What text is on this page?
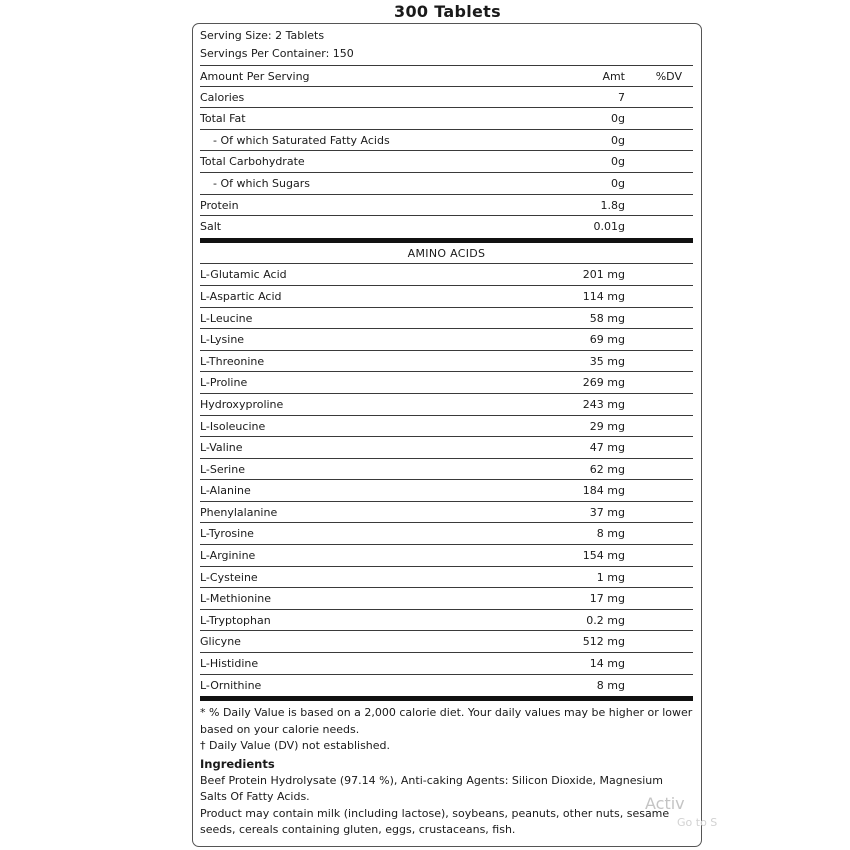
300 Tablets
Serving Size: 2 Tablets
Servings Per Container: 150
Amount Per Serving	Amt	%DV
Calories	7
Total Fat	0g
- Of which Saturated Fatty Acids	0g
Total Carbohydrate	0g
- Of which Sugars	0g
Protein	1.8g
Salt	0.01g
AMINO ACIDS
L-Glutamic Acid	201 mg
L-Aspartic Acid	114 mg
L-Leucine	58 mg
L-Lysine	69 mg
L-Threonine	35 mg
L-Proline	269 mg
Hydroxyproline	243 mg
L-Isoleucine	29 mg
L-Valine	47 mg
L-Serine	62 mg
L-Alanine	184 mg
Phenylalanine	37 mg
L-Tyrosine	8 mg
L-Arginine	154 mg
L-Cysteine	1 mg
L-Methionine	17 mg
L-Tryptophan	0.2 mg
Glicyne	512 mg
L-Histidine	14 mg
L-Ornithine	8 mg

* % Daily Value is based on a 2,000 calorie diet. Your daily values may be higher or lower based on your calorie needs.

† Daily Value (DV) not established.

Ingredients

Beef Protein Hydrolysate (97.14 %), Anti-caking Agents: Silicon Dioxide, Magnesium Salts Of Fatty Acids.

Product may contain milk (including lactose), soybeans, peanuts, other nuts, sesame seeds, cereals containing gluten, eggs, crustaceans, fish.

Activ
Go to S
